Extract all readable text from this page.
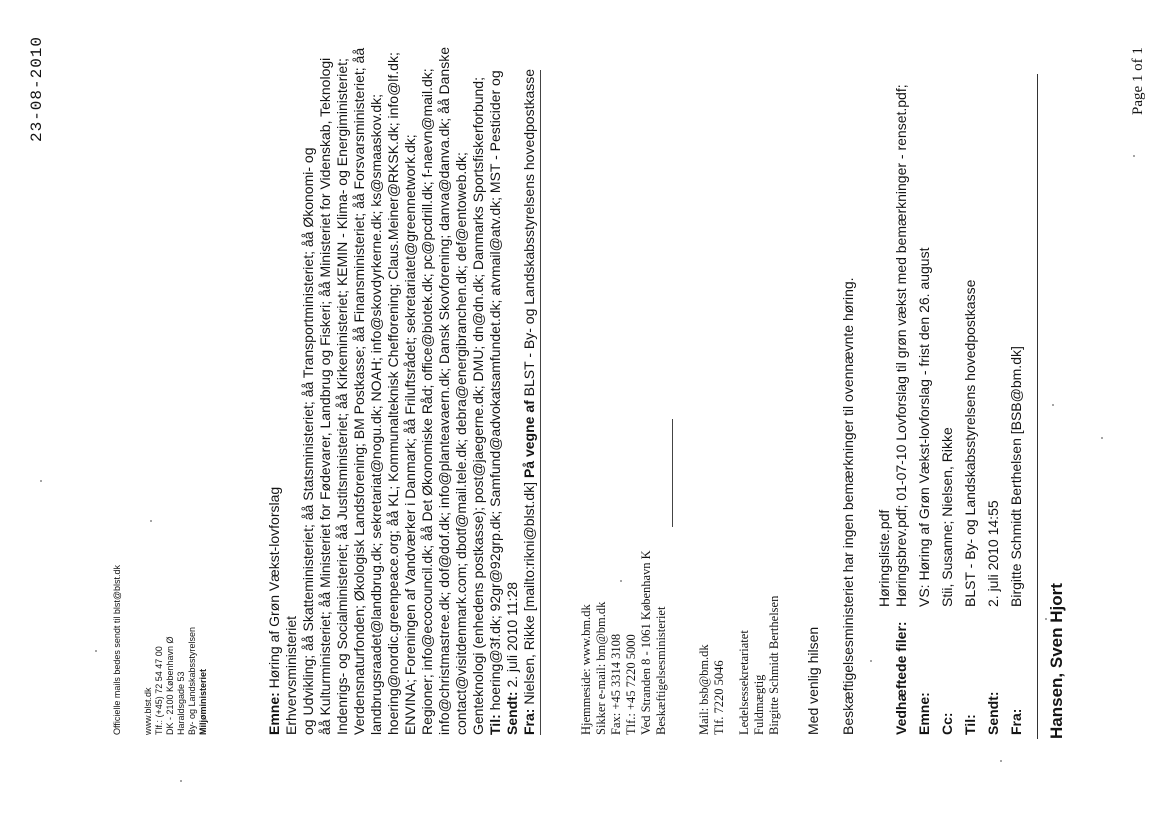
Page 1 of 1
Hansen, Sven Hjort
Fra:
Birgitte Schmidt Berthelsen [BSB@bm.dk]
Sendt:
2. juli 2010 14:55
Til:
BLST - By- og Landskabsstyrelsens hovedpostkasse
Cc:
Stii, Susanne; Nielsen, Rikke
Emne:
VS: Høring af Grøn Vækst-lovforslag - frist den 26. august
Vedhæftede filer:
Høringsbrev.pdf; 01-07-10 Lovforslag til grøn vækst med bemærkninger - renset.pdf;
Høringsliste.pdf
Beskæftigelsesministeriet har ingen bemærkninger til ovennævnte høring.
Med venlig hilsen
Birgitte Schmidt Berthelsen
Fuldmægtig
Ledelsessekretariatet
Tlf. 7220 5046
Mail: bsb@bm.dk
Beskæftigelsesministeriet
Ved Stranden 8 - 1061 København K
Tlf.: +45 7220 5000
Fax: +45 3314 3108
Sikker e-mail: bm@bm.dk
Hjemmeside: www.bm.dk
Fra: Nielsen, Rikke [mailto:rikni@blst.dk] På vegne af BLST - By- og Landskabsstyrelsens hovedpostkasse
Sendt: 2. juli 2010 11:28
Til: hoering@3f.dk; 92gr@92grp.dk; Samfund@advokatsamfundet.dk; atvmail@atv.dk; MST - Pesticider og
Genteknologi (enhedens postkasse); post@jaegerne.dk; DMU; dn@dn.dk; Danmarks Sportsfiskerforbund;
contact@visitdenmark.com; dbotf@mail.tele.dk; debra@energibranchen.dk; def@entoweb.dk;
info@christmastree.dk; dof@dof.dk; info@planteavaern.dk; Dansk Skovforening; danva@danva.dk; åå Danske
Regioner; info@ecocouncil.dk; åå Det Økonomiske Råd; office@biotek.dk; pc@pcdrill.dk; f-naevn@mail.dk;
ENVINA; Foreningen af Vandværker i Danmark; åå Friluftsrådet; sekretariatet@greennetwork.dk;
hoering@nordic.greenpeace.org; åå KL; Kommunalteknisk Chefforening; Claus.Meiner@RKSK.dk; info@lf.dk;
landbrugsraadet@landbrug.dk; sekretariat@nogu.dk; NOAH; info@skovdyrkerne.dk; ks@smaaskov.dk;
Verdensnaturfonden; Økologisk Landsforening; BM Postkasse; åå Finansministeriet; åå Forsvarsministeriet; åå
Indenrigs- og Socialministeriet; åå Justitsministeriet; åå Kirkeministeriet; KEMIN - Klima- og Energiministeriet;
åå Kulturministeriet; åå Ministeriet for Fødevarer, Landbrug og Fiskeri; åå Ministeriet for Videnskab, Teknologi
og Udvikling; åå Skatteministeriet; åå Statsministeriet; åå Transportministeriet; åå Økonomi- og
Erhvervsministeriet
Emne: Høring af Grøn Vækst-lovforslag
Miljøministeriet
By- og Landskabsstyrelsen
Haraldsgade 53
DK - 2100 København Ø
Tlf.: (+45) 72 54 47 00
www.blst.dk
Officielle mails bedes sendt til blst@blst.dk
23-08-2010
